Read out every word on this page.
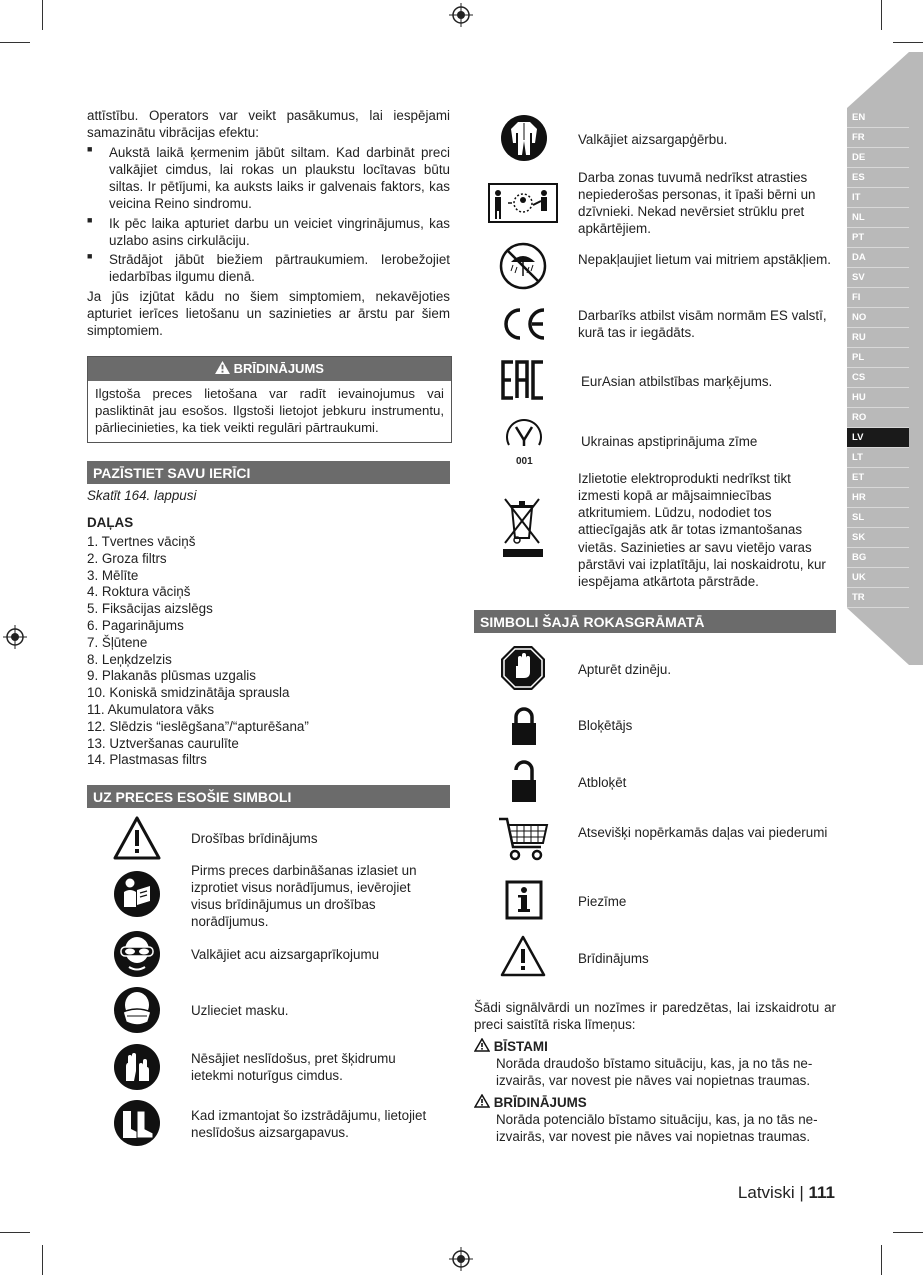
EN
FR
DE
ES
IT
NL
PT
DA
SV
FI
NO
RU
PL
CS
HU
RO
LV
LT
ET
HR
SL
SK
BG
UK
TR
attīstību. Operators var veikt pasākumus, lai iespējami samazinātu vibrācijas efektu:
■ Aukstā laikā ķermenim jābūt siltam. Kad darbināt preci valkājiet cimdus, lai rokas un plaukstu locītavas būtu siltas. Ir pētījumi, ka auksts laiks ir galvenais faktors, kas veicina Reino sindromu.
■ Ik pēc laika apturiet darbu un veiciet vingrinājumus, kas uzlabo asins cirkulāciju.
■ Strādājot jābūt biežiem pārtraukumiem. Ierobežojiet iedarbības ilgumu dienā.
Ja jūs izjūtat kādu no šiem simptomiem, nekavējoties apturiet ierīces lietošanu un sazinieties ar ārstu par šiem simptomiem.
BRĪDINĀJUMS
Ilgstoša preces lietošana var radīt ievainojumus vai pasliktināt jau esošos. Ilgstoši lietojot jebkuru instrumentu, pārliecinieties, ka tiek veikti regulāri pārtraukumi.
PAZĪSTIET SAVU IERĪCI
Skatīt 164. lappusi
DAĻAS
1. Tvertnes vāciņš
2. Groza filtrs
3. Mēlīte
4. Roktura vāciņš
5. Fiksācijas aizslēgs
6. Pagarinājums
7. Šļūtene
8. Leņķdzelzis
9. Plakanās plūsmas uzgalis
10. Koniskā smidzinātāja sprausla
11. Akumulatora vāks
12. Slēdzis “ieslēgšana”/“apturēšana”
13. Uztveršanas caurulīte
14. Plastmasas filtrs
UZ PRECES ESOŠIE SIMBOLI
Drošības brīdinājums
Pirms preces darbināšanas izlasiet un izprotiet visus norādījumus, ievērojiet visus brīdinājumus un drošības norādījumus.
Valkājiet acu aizsargaprīkojumu
Uzlieciet masku.
Nēsājiet neslīdošus, pret šķidrumu ietekmi noturīgus cimdus.
Kad izmantojat šo izstrādājumu, lietojiet neslīdošus aizsargapavus.
Valkājiet aizsargapģērbu.
Darba zonas tuvumā nedrīkst atrasties nepiederošas personas, it īpaši bērni un dzīvnieki. Nekad nevērsiet strūklu pret apkārtējiem.
Nepakļaujiet lietum vai mitriem apstākļiem.
Darbarīks atbilst visām normām ES valstī, kurā tas ir iegādāts.
EurAsian atbilstības marķējums.
001
Ukrainas apstiprinājuma zīme
Izlietotie elektroprodukti nedrīkst tikt izmesti kopā ar mājsaimniecības atkritumiem. Lūdzu, nododiet tos attiecīgajās atk ār totas izmantošanas vietās. Sazinieties ar savu vietējo varas pārstāvi vai izplatītāju, lai noskaidrotu, kur iespējama atkārtota pārstrāde.
SIMBOLI ŠAJĀ ROKASGRĀMATĀ
Apturēt dzinēju.
Bloķētājs
Atbloķēt
Atsevišķi nopērkamās daļas vai piederumi
Piezīme
Brīdinājums
Šādi signālvārdi un nozīmes ir paredzētas, lai izskaidrotu ar preci saistītā riska līmeņus:
BĪSTAMI
Norāda draudošo bīstamo situāciju, kas, ja no tās ne-izvairās, var novest pie nāves vai nopietnas traumas.
BRĪDINĀJUMS
Norāda potenciālo bīstamo situāciju, kas, ja no tās ne-izvairās, var novest pie nāves vai nopietnas traumas.
Latviski | 111
